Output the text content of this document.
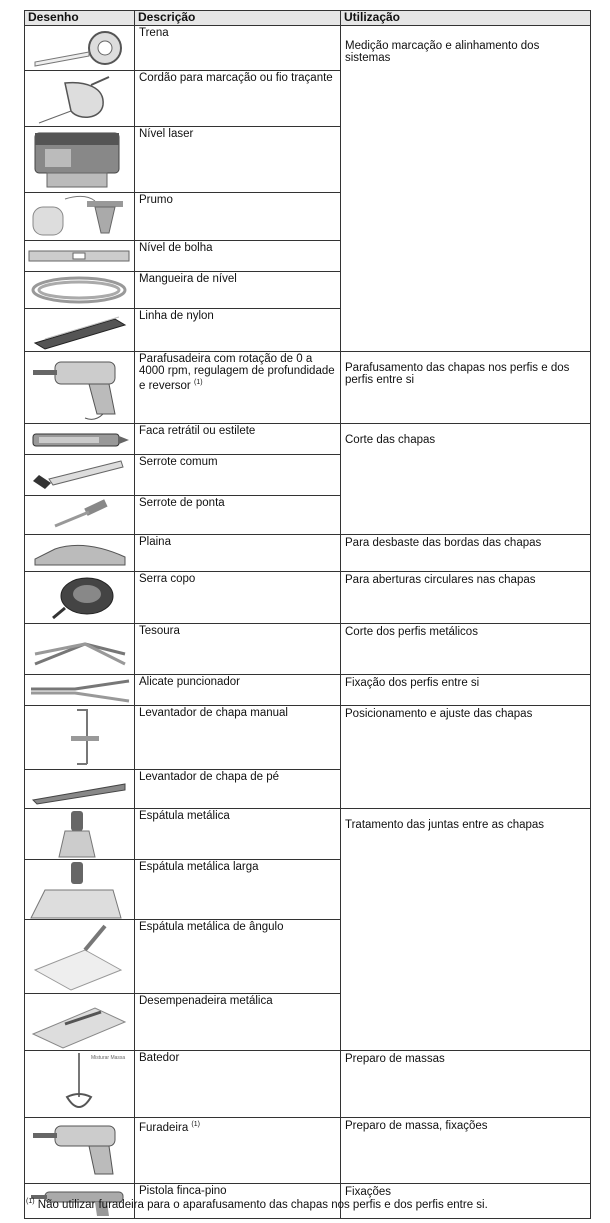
Desenho	Descrição	Utilização

	Trena	Medição marcação e alinhamento dos sistemas

	Cordão para marcação ou fio traçante	

	Nível laser	

	Prumo	

	Nível de bolha	

	Mangueira de nível	

	Linha de nylon	

	Parafusadeira com rotação de 0 a 4000 rpm, regulagem de profundidade e reversor $^{(1)}$	Parafusamento das chapas nos perfis e dos perfis entre si

	Faca retrátil ou estilete	Corte das chapas

	Serrote comum	

	Serrote de ponta	

	Plaina	Para desbaste das bordas das chapas

	Serra copo	Para aberturas circulares nas chapas

	Tesoura	Corte dos perfis metálicos

	Alicate puncionador	Fixação dos perfis entre si

	Levantador de chapa manual	Posicionamento e ajuste das chapas

	Levantador de chapa de pé	

	Espátula metálica	Tratamento das juntas entre as chapas

	Espátula metálica larga	

	Espátula metálica de ângulo	

	Desempenadeira metálica	

Misturar Massa	Batedor	Preparo de massas

	Furadeira $^{(1)}$	Preparo de massa, fixações

	Pistola finca-pino	Fixações
$^{(1)}$ Não utilizar furadeira para o aparafusamento das chapas nos perfis e dos perfis entre si.
